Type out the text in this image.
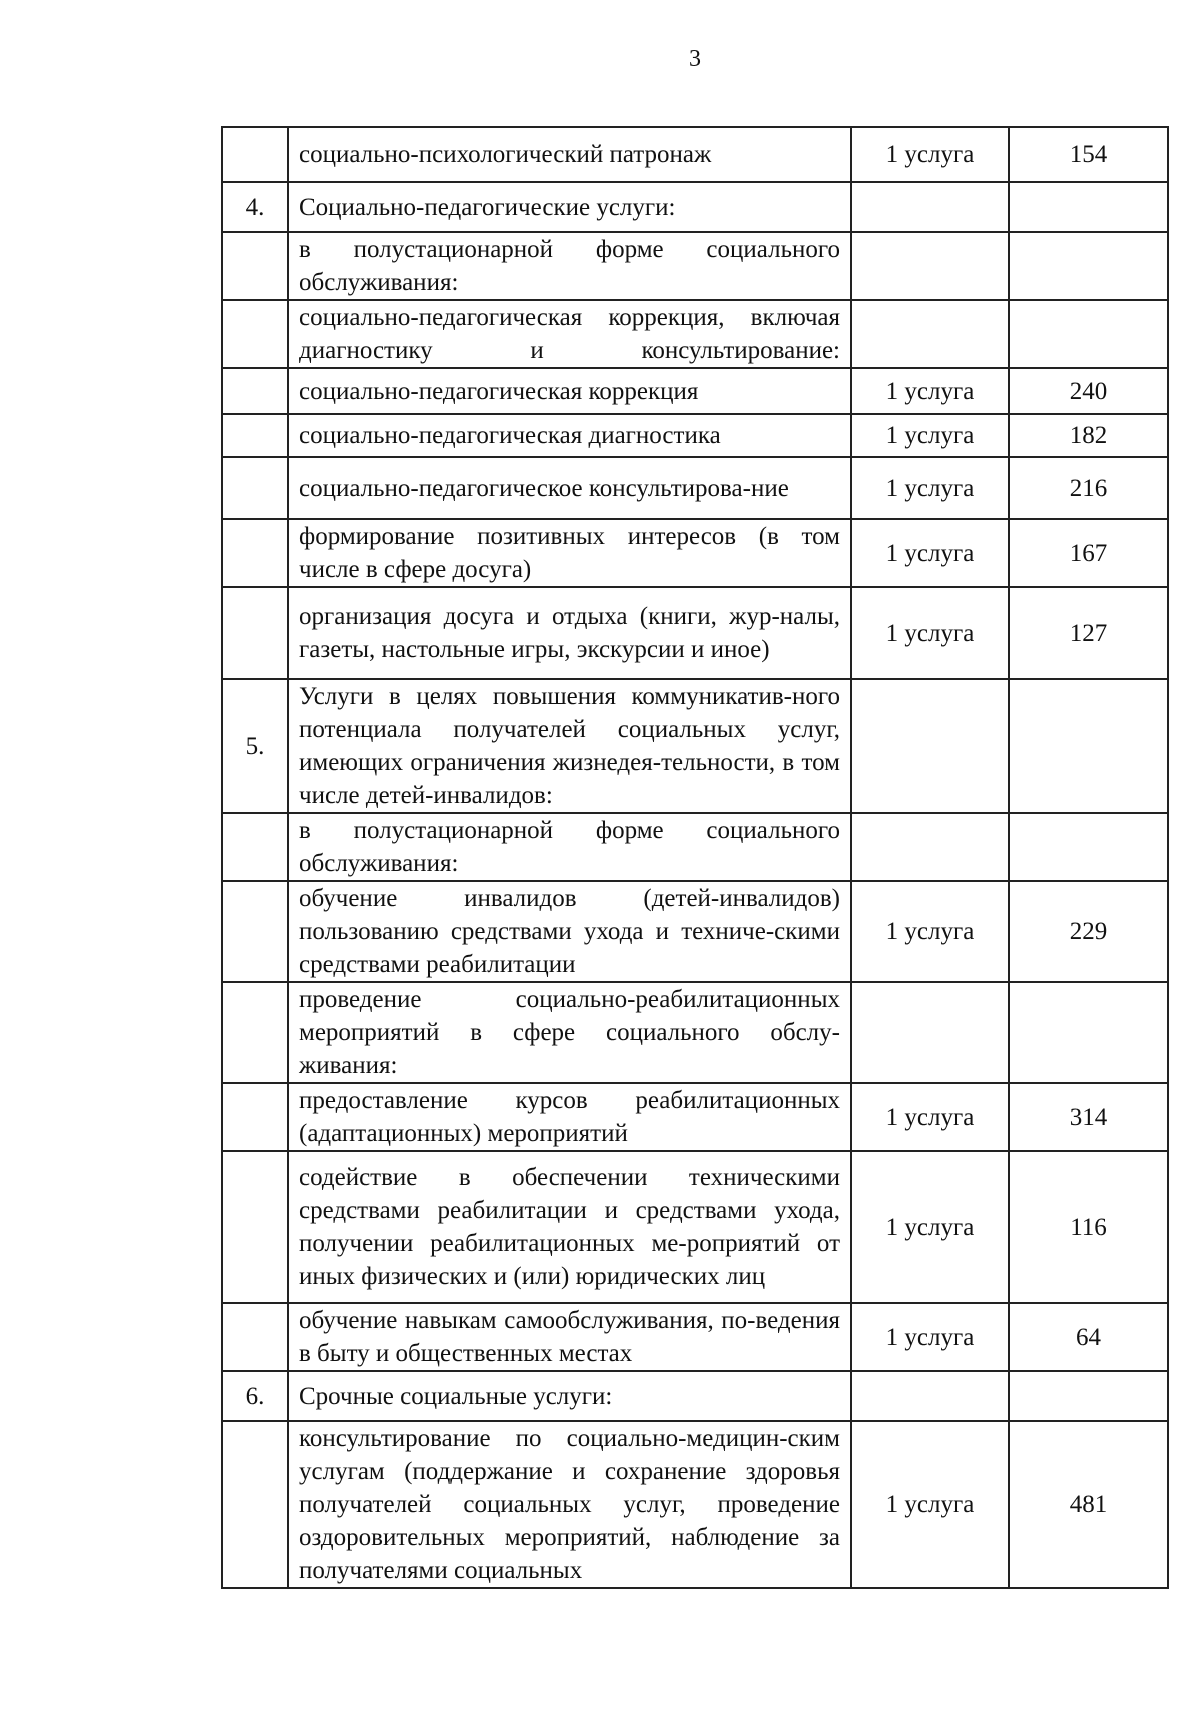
3
	социально-психологический патронаж	1 услуга	154
4.	Социально-педагогические услуги:		
	в полустационарной форме социального обслуживания:		
	социально-педагогическая коррекция, включая диагностику и консультирование:		
	социально-педагогическая коррекция	1 услуга	240
	социально-педагогическая диагностика	1 услуга	182
	социально-педагогическое консультирова-ние	1 услуга	216
	формирование позитивных интересов (в том числе в сфере досуга)	1 услуга	167
	организация досуга и отдыха (книги, жур-налы, газеты, настольные игры, экскурсии и иное)	1 услуга	127
5.	Услуги в целях повышения коммуникатив-ного потенциала получателей социальных услуг, имеющих ограничения жизнедея-тельности, в том числе детей-инвалидов:		
	в полустационарной форме социального обслуживания:		
	обучение инвалидов (детей-инвалидов) пользованию средствами ухода и техниче-скими средствами реабилитации	1 услуга	229
	проведение социально-реабилитационных мероприятий в сфере социального обслу-живания:		
	предоставление курсов реабилитационных (адаптационных) мероприятий	1 услуга	314
	содействие в обеспечении техническими средствами реабилитации и средствами ухода, получении реабилитационных ме-роприятий от иных физических и (или) юридических лиц	1 услуга	116
	обучение навыкам самообслуживания, по-ведения в быту и общественных местах	1 услуга	64
6.	Срочные социальные услуги:		
	консультирование по социально-медицин-ским услугам (поддержание и сохранение здоровья получателей социальных услуг, проведение оздоровительных мероприятий, наблюдение за получателями социальных	1 услуга	481
